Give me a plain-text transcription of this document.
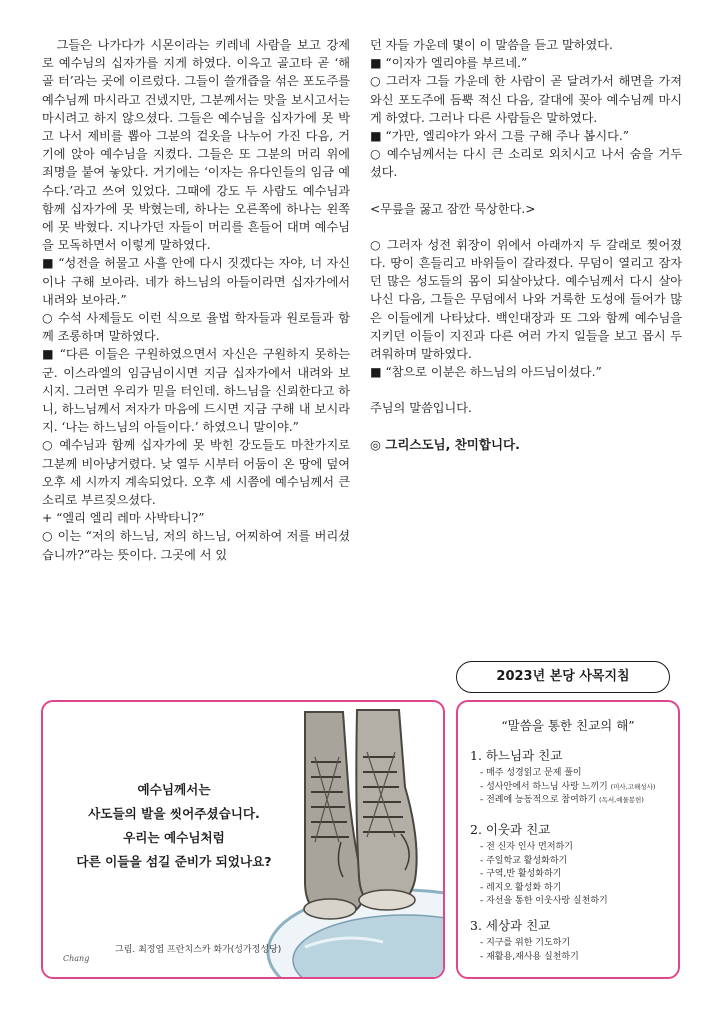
그들은 나가다가 시몬이라는 키레네 사람을 보고 강제로 예수님의 십자가를 지게 하였다. 이윽고 골고타 곧 ‘해골 터’라는 곳에 이르렀다. 그들이 쓸개즙을 섞은 포도주를 예수님께 마시라고 건넸지만, 그분께서는 맛을 보시고서는 마시려고 하지 않으셨다. 그들은 예수님을 십자가에 못 박고 나서 제비를 뽑아 그분의 겉옷을 나누어 가진 다음, 거기에 앉아 예수님을 지켰다. 그들은 또 그분의 머리 위에 죄명을 붙여 놓았다. 거기에는 ‘이자는 유다인들의 임금 예수다.’라고 쓰여 있었다. 그때에 강도 두 사람도 예수님과 함께 십자가에 못 박혔는데, 하나는 오른쪽에 하나는 왼쪽에 못 박혔다. 지나가던 자들이 머리를 흔들어 대며 예수님을 모독하면서 이렇게 말하였다.

■ “성전을 허물고 사흘 안에 다시 짓겠다는 자야, 너 자신이나 구해 보아라. 네가 하느님의 아들이라면 십자가에서 내려와 보아라.”

○ 수석 사제들도 이런 식으로 율법 학자들과 원로들과 함께 조롱하며 말하였다.

■ “다른 이들은 구원하였으면서 자신은 구원하지 못하는군. 이스라엘의 임금님이시면 지금 십자가에서 내려와 보시지. 그러면 우리가 믿을 터인데. 하느님을 신뢰한다고 하니, 하느님께서 저자가 마음에 드시면 지금 구해 내 보시라지. ‘나는 하느님의 아들이다.’ 하였으니 말이야.”

○ 예수님과 함께 십자가에 못 박힌 강도들도 마찬가지로 그분께 비아냥거렸다. 낮 열두 시부터 어둠이 온 땅에 덮여 오후 세 시까지 계속되었다. 오후 세 시쯤에 예수님께서 큰 소리로 부르짖으셨다.

+ “엘리 엘리 레마 사박타니?”

○ 이는 “저의 하느님, 저의 하느님, 어찌하여 저를 버리셨습니까?”라는 뜻이다. 그곳에 서 있

던 자들 가운데 몇이 이 말씀을 듣고 말하였다.

■ “이자가 엘리야를 부르네.”

○ 그러자 그들 가운데 한 사람이 곧 달려가서 해면을 가져와신 포도주에 듬뿍 적신 다음, 갈대에 꽂아 예수님께 마시게 하였다. 그러나 다른 사람들은 말하였다.

■ “가만, 엘리야가 와서 그를 구해 주나 봅시다.”

○ 예수님께서는 다시 큰 소리로 외치시고 나서 숨을 거두셨다.

<무릎을 꿇고 잠깐 묵상한다.>

○ 그러자 성전 휘장이 위에서 아래까지 두 갈래로 찢어졌다. 땅이 흔들리고 바위들이 갈라졌다. 무덤이 열리고 잠자던 많은 성도들의 몸이 되살아났다. 예수님께서 다시 살아나신 다음, 그들은 무덤에서 나와 거룩한 도성에 들어가 많은 이들에게 나타났다. 백인대장과 또 그와 함께 예수님을 지키던 이들이 지진과 다른 여러 가지 일들을 보고 몹시 두려워하며 말하였다.

■ “참으로 이분은 하느님의 아드님이셨다.”

주님의 말씀입니다.

◎ 그리스도님, 찬미합니다.

2023년 본당 사목지침
예수님께서는
사도들의 발을 씻어주셨습니다.
우리는 예수님처럼
다른 이들을 섬길 준비가 되었나요?
Chang
그림. 최정엽 프란치스카 화가(성가정성당)
“말씀을 통한 친교의 해”
1. 하느님과 친교
- 매주 성경읽고 문제 풀이
- 성사안에서 하느님 사랑 느끼기 (미사,고해성사)
- 전례에 능동적으로 참여하기 (독서,예물봉헌)
2. 이웃과 친교
- 전 신자 인사 먼저하기
- 주일학교 활성화하기
- 구역,반 활성화하기
- 레지오 활성화 하기
- 자선을 통한 이웃사랑 실천하기
3. 세상과 친교
- 지구를 위한 기도하기
- 재활용,재사용 실천하기
